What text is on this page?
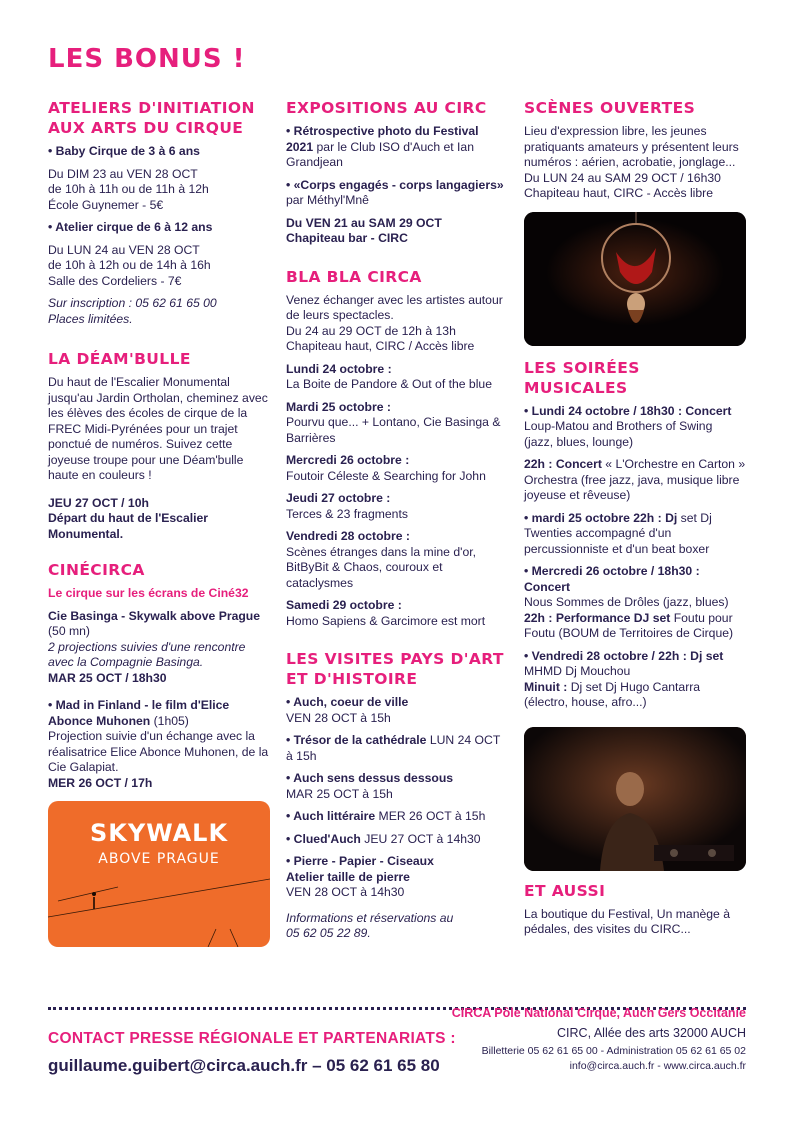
LES BONUS !
ATELIERS D'INITIATION
AUX ARTS DU CIRQUE

• Baby Cirque de 3 à 6 ans

Du DIM 23 au VEN 28 OCT
de 10h à 11h ou de 11h à 12h
École Guynemer - 5€

• Atelier cirque de 6 à 12 ans

Du LUN 24 au VEN 28 OCT
de 10h à 12h ou de 14h à 16h
Salle des Cordeliers - 7€

Sur inscription : 05 62 61 65 00
Places limitées.

LA DÉAM'BULLE

Du haut de l'Escalier Monumental jusqu'au Jardin Ortholan, cheminez avec les élèves des écoles de cirque de la FREC Midi-Pyrénées pour un trajet ponctué de numéros. Suivez cette joyeuse troupe pour une Déam'bulle haute en couleurs !

JEU 27 OCT / 10h
Départ du haut de l'Escalier Monumental.

CINÉCIRCA

Le cirque sur les écrans de Ciné32

Cie Basinga - Skywalk above Prague
(50 mn)
2 projections suivies d'une rencontre avec la Compagnie Basinga.
MAR 25 OCT / 18h30

• Mad in Finland - le film d'Elice Abonce Muhonen (1h05)
Projection suivie d'un échange avec la réalisatrice Elice Abonce Muhonen, de la Cie Galapiat.
MER 26 OCT / 17h

SKYWALK
ABOVE PRAGUE
EXPOSITIONS AU CIRC

• Rétrospective photo du Festival 2021 par le Club ISO d'Auch et Ian Grandjean

• «Corps engagés - corps langagiers» par Méthyl'Mnê

Du VEN 21 au SAM 29 OCT
Chapiteau bar - CIRC

BLA BLA CIRCA

Venez échanger avec les artistes autour de leurs spectacles.
Du 24 au 29 OCT de 12h à 13h
Chapiteau haut, CIRC / Accès libre

Lundi 24 octobre :
La Boite de Pandore & Out of the blue

Mardi 25 octobre :
Pourvu que... + Lontano, Cie Basinga & Barrières

Mercredi 26 octobre :
Foutoir Céleste & Searching for John

Jeudi 27 octobre :
Terces & 23 fragments

Vendredi 28 octobre :
Scènes étranges dans la mine d'or, BitByBit & Chaos, couroux et cataclysmes

Samedi 29 octobre :
Homo Sapiens & Garcimore est mort

LES VISITES PAYS D'ART
ET D'HISTOIRE

• Auch, coeur de ville
VEN 28 OCT à 15h

• Trésor de la cathédrale LUN 24 OCT à 15h

• Auch sens dessus dessous
MAR 25 OCT à 15h

• Auch littéraire MER 26 OCT à 15h

• Clued'Auch JEU 27 OCT à 14h30

• Pierre - Papier - Ciseaux
Atelier taille de pierre
VEN 28 OCT à 14h30

Informations et réservations au
05 62 05 22 89.

SCÈNES OUVERTES

Lieu d'expression libre, les jeunes pratiquants amateurs y présentent leurs numéros : aérien, acrobatie, jonglage...
Du LUN 24 au SAM 29 OCT / 16h30
Chapiteau haut, CIRC - Accès libre

LES SOIRÉES MUSICALES

• Lundi 24 octobre / 18h30 : Concert
Loup-Matou and Brothers of Swing
(jazz, blues, lounge)

22h : Concert « L'Orchestre en Carton » Orchestra (free jazz, java, musique libre joyeuse et rêveuse)

• mardi 25 octobre 22h : Dj set Dj Twenties accompagné d'un percussionniste et d'un beat boxer

• Mercredi 26 octobre / 18h30 : Concert
Nous Sommes de Drôles (jazz, blues)
22h : Performance DJ set Foutu pour Foutu (BOUM de Territoires de Cirque)

• Vendredi 28 octobre / 22h : Dj set
MHMD Dj Mouchou
Minuit : Dj set Dj Hugo Cantarra
(électro, house, afro...)

ET AUSSI

La boutique du Festival, Un manège à pédales, des visites du CIRC...

CONTACT PRESSE RÉGIONALE ET PARTENARIATS :
guillaume.guibert@circa.auch.fr – 05 62 61 65 80
CIRCA Pôle National Cirque, Auch Gers Occitanie
CIRC, Allée des arts 32000 AUCH
Billetterie 05 62 61 65 00 - Administration 05 62 61 65 02
info@circa.auch.fr - www.circa.auch.fr
